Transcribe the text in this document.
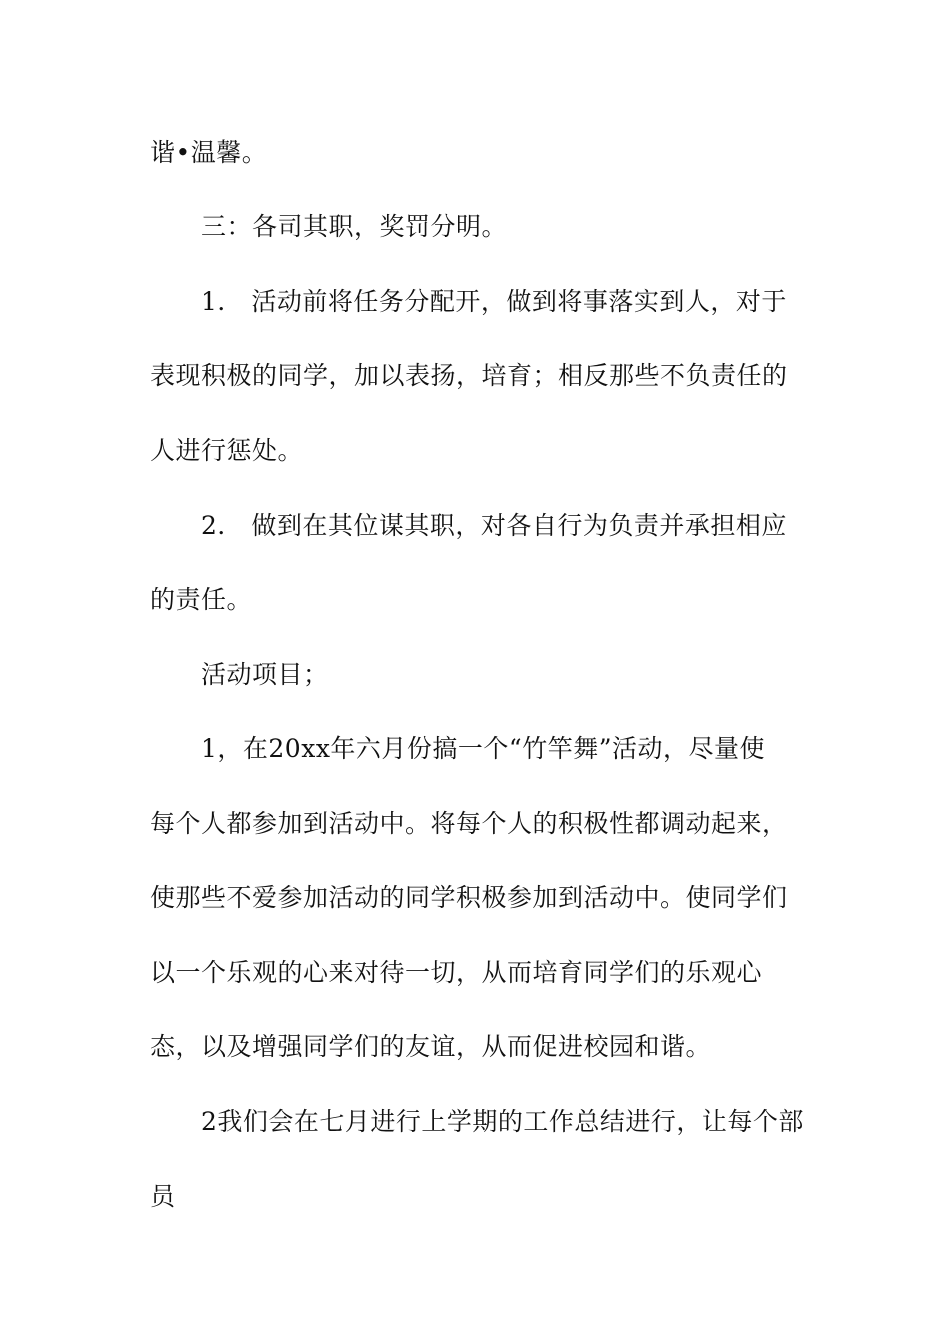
谐•温馨。

三：各司其职，奖罚分明。

1． 活动前将任务分配开，做到将事落实到人，对于

表现积极的同学，加以表扬，培育；相反那些不负责任的

人进行惩处。

2． 做到在其位谋其职，对各自行为负责并承担相应

的责任。

活动项目；

1，在20xx年六月份搞一个“竹竿舞”活动，尽量使

每个人都参加到活动中。将每个人的积极性都调动起来，

使那些不爱参加活动的同学积极参加到活动中。使同学们

以一个乐观的心来对待一切，从而培育同学们的乐观心

态，以及增强同学们的友谊，从而促进校园和谐。

2我们会在七月进行上学期的工作总结进行，让每个部

员
